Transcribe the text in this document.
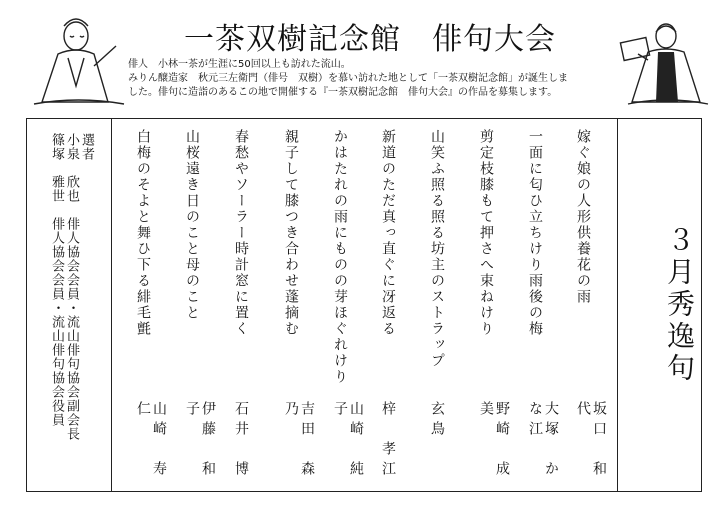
一茶双樹記念館　俳句大会
俳人　小林一茶が生涯に50回以上も訪れた流山。
みりん醸造家　秋元三左衛門（俳号　双樹）を慕い訪れた地として「一茶双樹記念館」が誕生しま
した。俳句に造詣のあるこの地で開催する『一茶双樹記念館　俳句大会』の作品を募集します。
３月秀逸句
嫁ぐ娘の人形供養花の雨
坂口　和代
一面に匂ひ立ちけり雨後の梅
大塚　かな江
剪定枝膝もて押さへ束ねけり
野崎　成美
山笑ふ照る照る坊主のストラップ
玄鳥
新道のただ真っ直ぐに冴返る
梓　孝江
かはたれの雨にものの芽ほぐれけり
山崎　純子
親子して膝つき合わせ蓬摘む
吉田　森乃
春愁やソーラー時計窓に置く
石井　博
山桜遠き日のこと母のこと
伊藤　和子
白梅のそよと舞ひ下る緋毛氈
山崎　寿仁
選者
小泉　欣也　俳人協会会員・流山俳句協会副会長
篠塚　雅世　俳人協会会員・流山俳句協会役員
